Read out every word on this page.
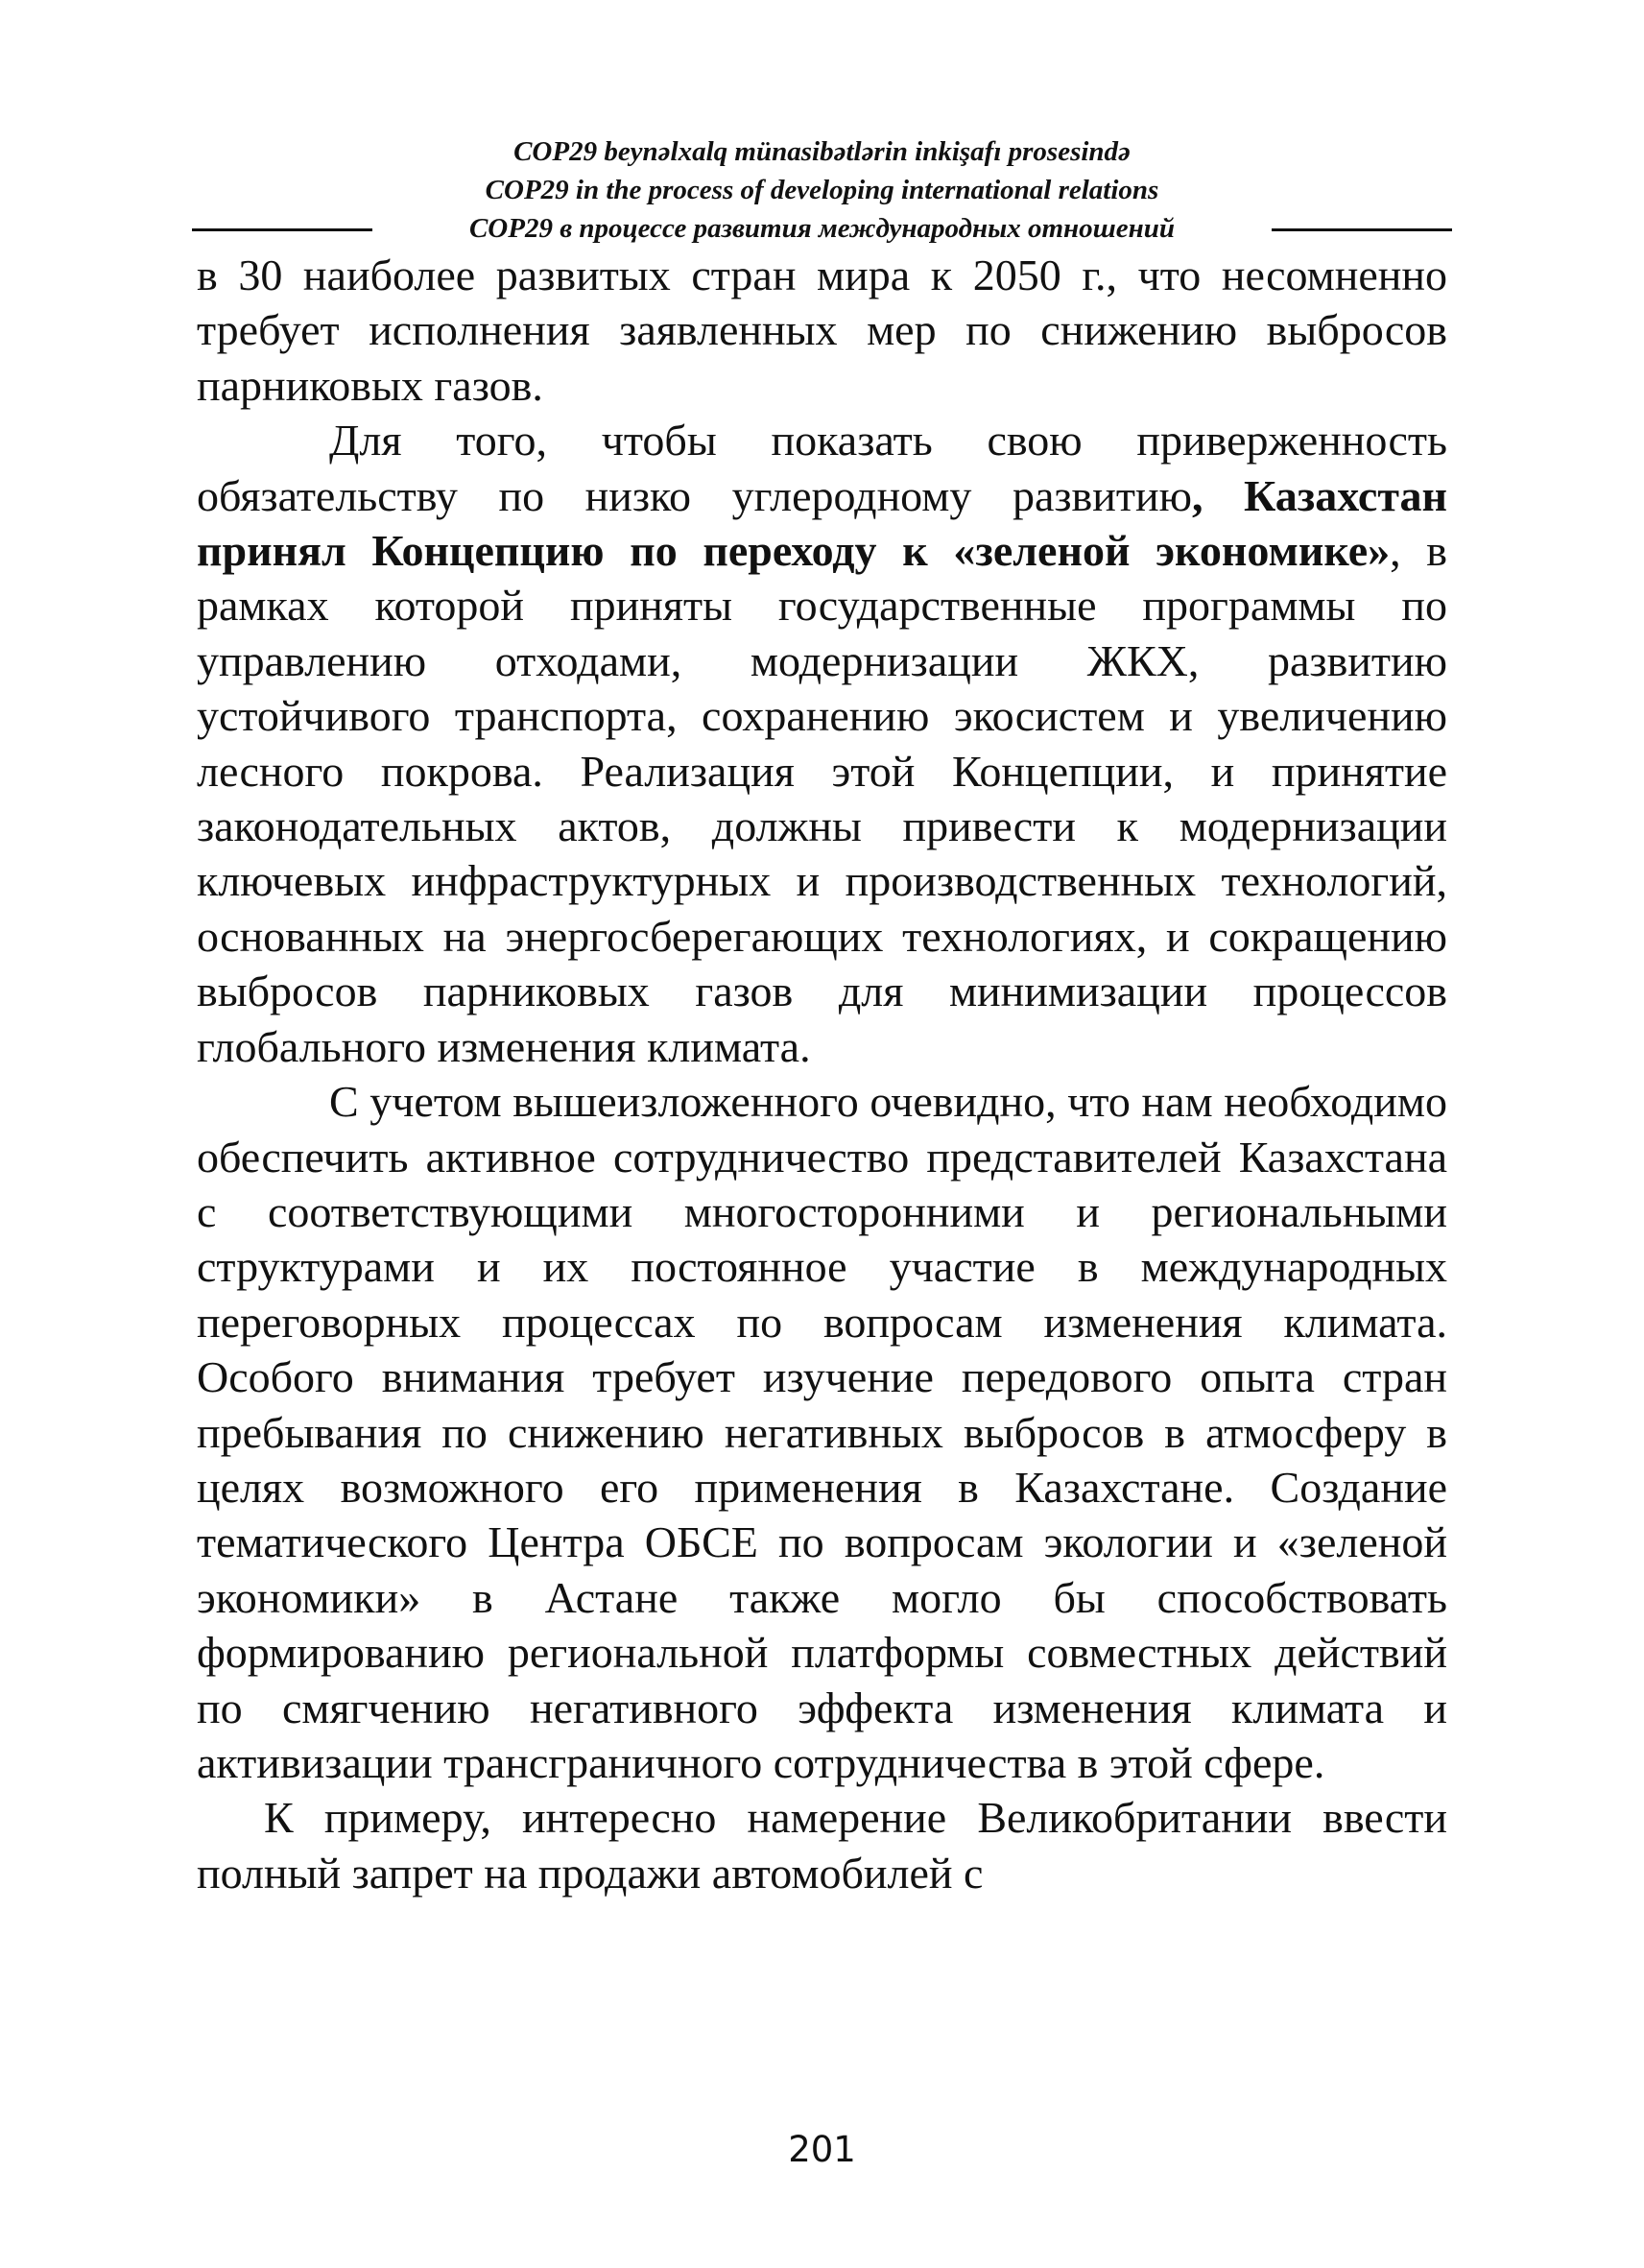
COP29 beynəlxalq münasibətlərin inkişafı prosesində
COP29 in the process of developing international relations
COP29 в процессе развития международных отношений

в 30 наиболее развитых стран мира к 2050 г., что несомненно требует исполнения заявленных мер по снижению выбросов парниковых газов.

Для того, чтобы показать свою приверженность обязательству по низко углеродному развитию, Казахстан принял Концепцию по переходу к «зеленой экономике», в рамках которой приняты государственные программы по управлению отходами, модернизации ЖКХ, развитию устойчивого транспорта, сохранению экосистем и увеличению лесного покрова. Реализация этой Концепции, и принятие законодательных актов, должны привести к модернизации ключевых инфраструктурных и производственных технологий, основанных на энергосберегающих технологиях, и сокращению выбросов парниковых газов для минимизации процессов глобального изменения климата.

С учетом вышеизложенного очевидно, что нам необходимо обеспечить активное сотрудничество представителей Казахстана с соответствующими многосторонними и региональными структурами и их постоянное участие в международных переговорных процессах по вопросам изменения климата. Особого внимания требует изучение передового опыта стран пребывания по снижению негативных выбросов в атмосферу в целях возможного его применения в Казахстане. Создание тематического Центра ОБСЕ по вопросам экологии и «зеленой экономики» в Астане также могло бы способствовать формированию региональной платформы совместных действий по смягчению негативного эффекта изменения климата и активизации трансграничного сотрудничества в этой сфере.

К примеру, интересно намерение Великобритании ввести полный запрет на продажи автомобилей с

201
